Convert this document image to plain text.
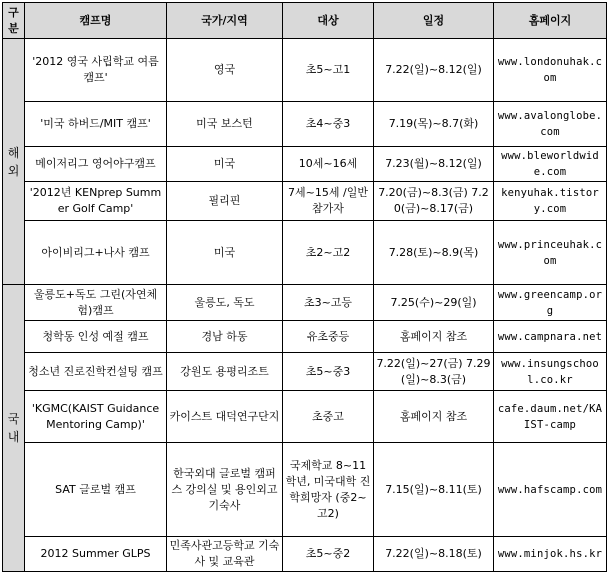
구분	캠프명	국가/지역	대상	일정	홈페이지
해외	'2012 영국 사립학교 여름캠프'	영국	초5~고1	7.22(일)~8.12(일)	www.londonuhak.com
	'미국 하버드/MIT 캠프'	미국 보스턴	초4~중3	7.19(목)~8.7(화)	www.avalonglobe.com
	메이저리그 영어야구캠프	미국	10세~16세	7.23(월)~8.12(일)	www.bleworldwide.com
	'2012년 KENprep Summer Golf Camp'	필리핀	7세~15세 /일반참가자	7.20(금)~8.3(금) 7.20(금)~8.17(금)	kenyuhak.tistory.com
	아이비리그+나사 캠프	미국	초2~고2	7.28(토)~8.9(목)	www.princeuhak.com
국내	울릉도+독도 그린(자연체험)캠프	울릉도, 독도	초3~고등	7.25(수)~29(일)	www.greencamp.org
	청학동 인성 예절 캠프	경남 하동	유초중등	홈페이지 참조	www.campnara.net
	청소년 진로진학컨설팅 캠프	강원도 용평리조트	초5~중3	7.22(일)~27(금) 7.29(일)~8.3(금)	www.insungschool.co.kr
	'KGMC(KAIST Guidance Mentoring Camp)'	카이스트 대덕연구단지	초중고	홈페이지 참조	cafe.daum.net/KAIST-camp
	SAT 글로벌 캠프	한국외대 글로벌 캠퍼스 강의실 및 용인외고 기숙사	국제학교 8~11학년, 미국대학 진학희망자 (중2~고2)	7.15(일)~8.11(토)	www.hafscamp.com
	2012 Summer GLPS	민족사관고등학교 기숙사 및 교육관	초5~중2	7.22(일)~8.18(토)	www.minjok.hs.kr
